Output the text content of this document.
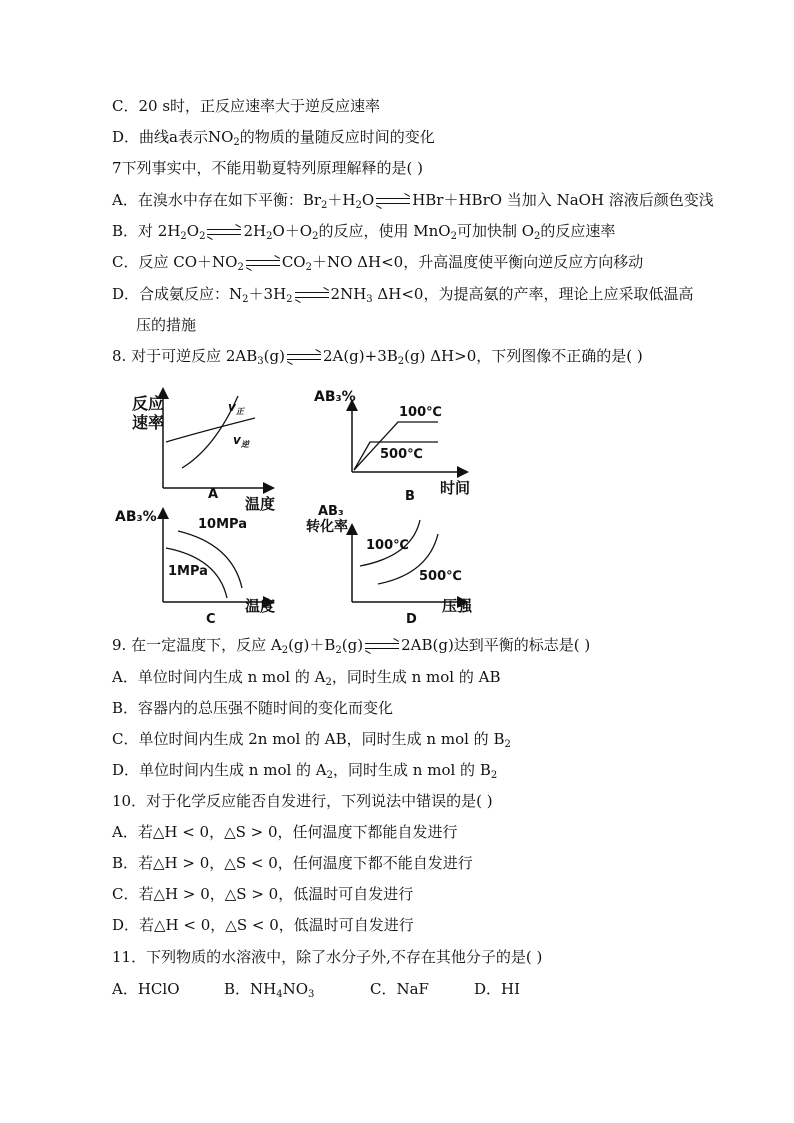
C．20 s时，正反应速率大于逆反应速率
D．曲线a表示$NO_2$的物质的量随反应时间的变化
7下列事实中，不能用勒夏特列原理解释的是( )
A．在溴水中存在如下平衡：$Br_2+H_2O$	HBr＋HBrO 当加入 NaOH 溶液后颜色变浅
B．对 $2H_2O_2$	$2H_2O+O_2$的反应，使用 MnO$_2$可加快制 $O_2$的反应速率
C．反应 $CO+NO_2$	$CO_2+NO$ ΔH<0，升高温度使平衡向逆反应方向移动
D．合成氨反应：$N_2+3H_2$	$2NH_3$ ΔH<0，为提高氨的产率，理论上应采取低温高
压的措施
8. 对于可逆反应 $2AB_3(g)$	$2A(g)+3B_2(g)$ ΔH>0，下列图像不正确的是( )
反应
速率
温度
$v_正$
$v_逆$
A
AB₃%
时间
100℃
500℃
B
AB₃%
温度
10MPa
1MPa
C
AB₃
转化率
压强
100℃
500℃
D
9. 在一定温度下，反应 $A_2(g)+B_2(g)$	2AB(g)达到平衡的标志是( )
A．单位时间内生成 n mol 的 $A_2$，同时生成 n mol 的 AB
B．容器内的总压强不随时间的变化而变化
C．单位时间内生成 2n mol 的 AB，同时生成 n mol 的 $B_2$
D．单位时间内生成 n mol 的 $A_2$，同时生成 n mol 的 $B_2$
10．对于化学反应能否自发进行，下列说法中错误的是( )
A．若△H < 0，△S > 0，任何温度下都能自发进行
B．若△H > 0，△S < 0，任何温度下都不能自发进行
C．若△H > 0，△S > 0，低温时可自发进行
D．若△H < 0，△S < 0，低温时可自发进行
11．下列物质的水溶液中，除了水分子外,不存在其他分子的是( )
A．HClO	B．$NH_4NO_3$	C．NaF	D．HI
